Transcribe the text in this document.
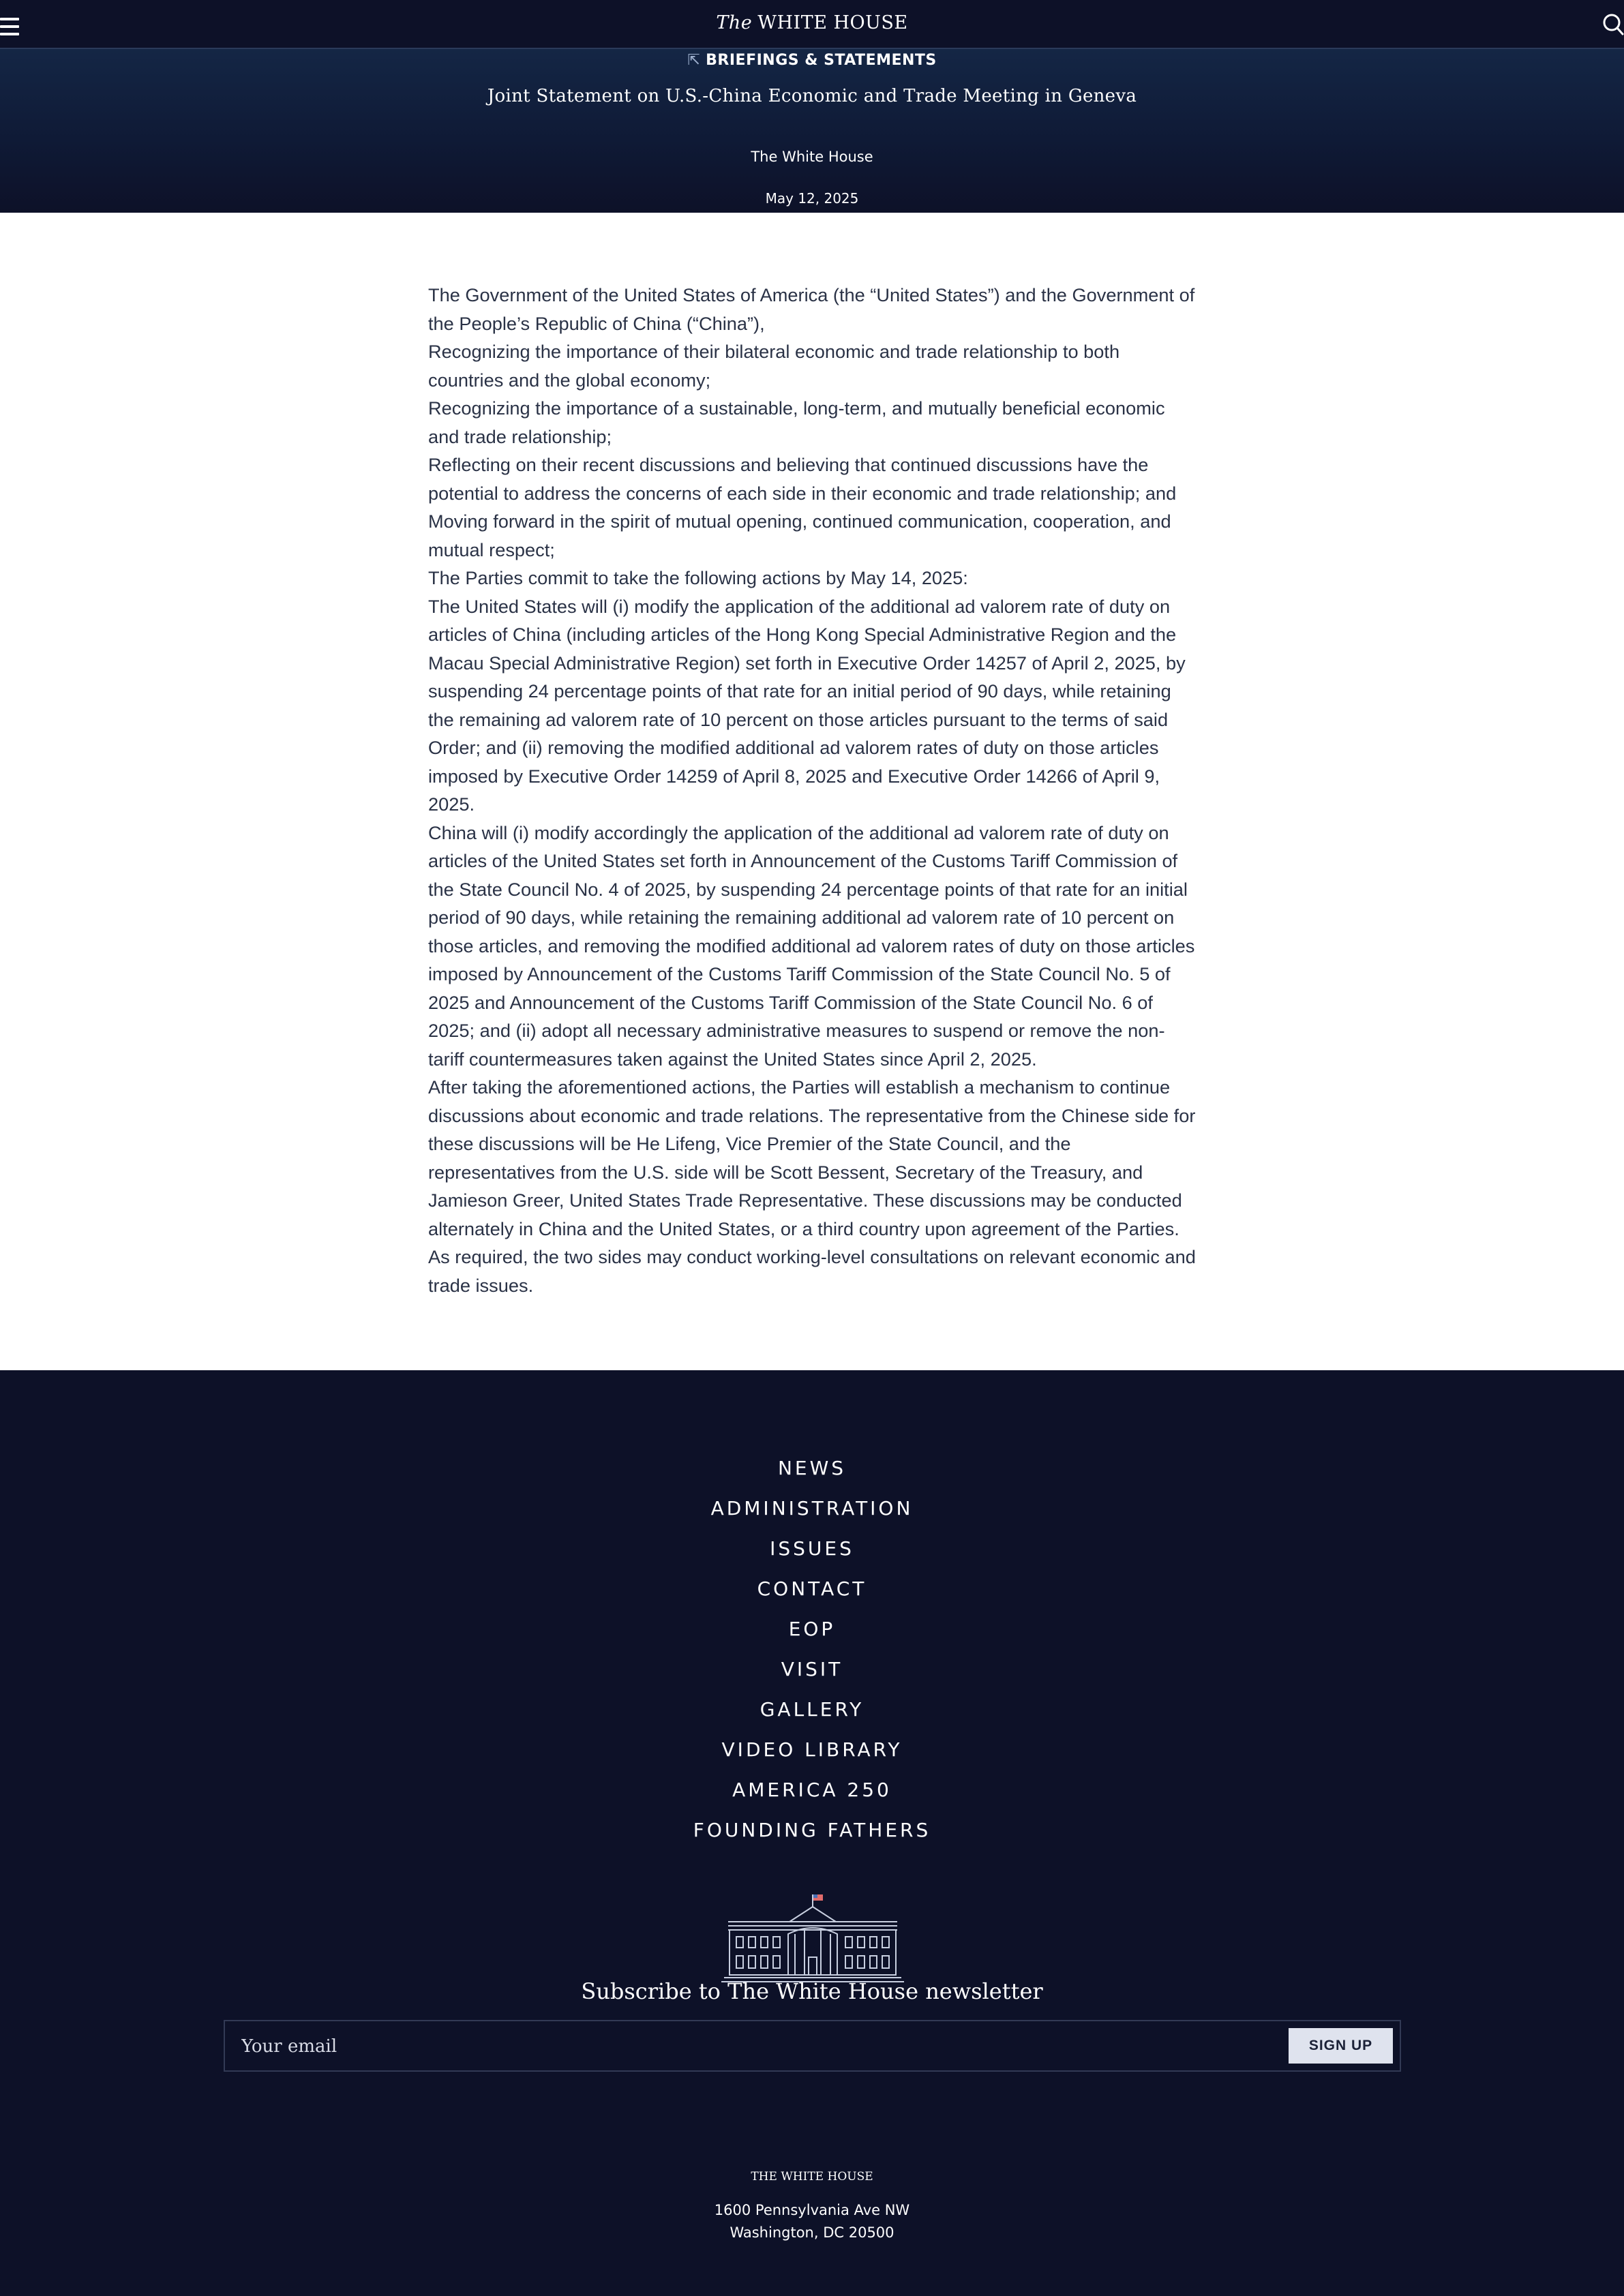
The WHITE HOUSE
⇱ BRIEFINGS & STATEMENTS
Joint Statement on U.S.-China Economic and Trade Meeting in Geneva
The White House
May 12, 2025

The Government of the United States of America (the “United States”) and the Government of the People’s Republic of China (“China”),

Recognizing the importance of their bilateral economic and trade relationship to both countries and the global economy;

Recognizing the importance of a sustainable, long-term, and mutually beneficial economic and trade relationship;

Reflecting on their recent discussions and believing that continued discussions have the potential to address the concerns of each side in their economic and trade relationship; and

Moving forward in the spirit of mutual opening, continued communication, cooperation, and mutual respect;

The Parties commit to take the following actions by May 14, 2025:

The United States will (i) modify the application of the additional ad valorem rate of duty on articles of China (including articles of the Hong Kong Special Administrative Region and the Macau Special Administrative Region) set forth in Executive Order 14257 of April 2, 2025, by suspending 24 percentage points of that rate for an initial period of 90 days, while retaining the remaining ad valorem rate of 10 percent on those articles pursuant to the terms of said Order; and (ii) removing the modified additional ad valorem rates of duty on those articles imposed by Executive Order 14259 of April 8, 2025 and Executive Order 14266 of April 9, 2025.

China will (i) modify accordingly the application of the additional ad valorem rate of duty on articles of the United States set forth in Announcement of the Customs Tariff Commission of the State Council No. 4 of 2025, by suspending 24 percentage points of that rate for an initial period of 90 days, while retaining the remaining additional ad valorem rate of 10 percent on those articles, and removing the modified additional ad valorem rates of duty on those articles imposed by Announcement of the Customs Tariff Commission of the State Council No. 5 of 2025 and Announcement of the Customs Tariff Commission of the State Council No. 6 of 2025; and (ii) adopt all necessary administrative measures to suspend or remove the non-tariff countermeasures taken against the United States since April 2, 2025.

After taking the aforementioned actions, the Parties will establish a mechanism to continue discussions about economic and trade relations. The representative from the Chinese side for these discussions will be He Lifeng, Vice Premier of the State Council, and the representatives from the U.S. side will be Scott Bessent, Secretary of the Treasury, and Jamieson Greer, United States Trade Representative. These discussions may be conducted alternately in China and the United States, or a third country upon agreement of the Parties. As required, the two sides may conduct working-level consultations on relevant economic and trade issues.

NEWS
ADMINISTRATION
ISSUES
CONTACT
EOP
VISIT
GALLERY
VIDEO LIBRARY
AMERICA 250
FOUNDING FATHERS
Subscribe to The White House newsletter
Your email
SIGN UP
THE WHITE HOUSE
1600 Pennsylvania Ave NW
Washington, DC 20500
